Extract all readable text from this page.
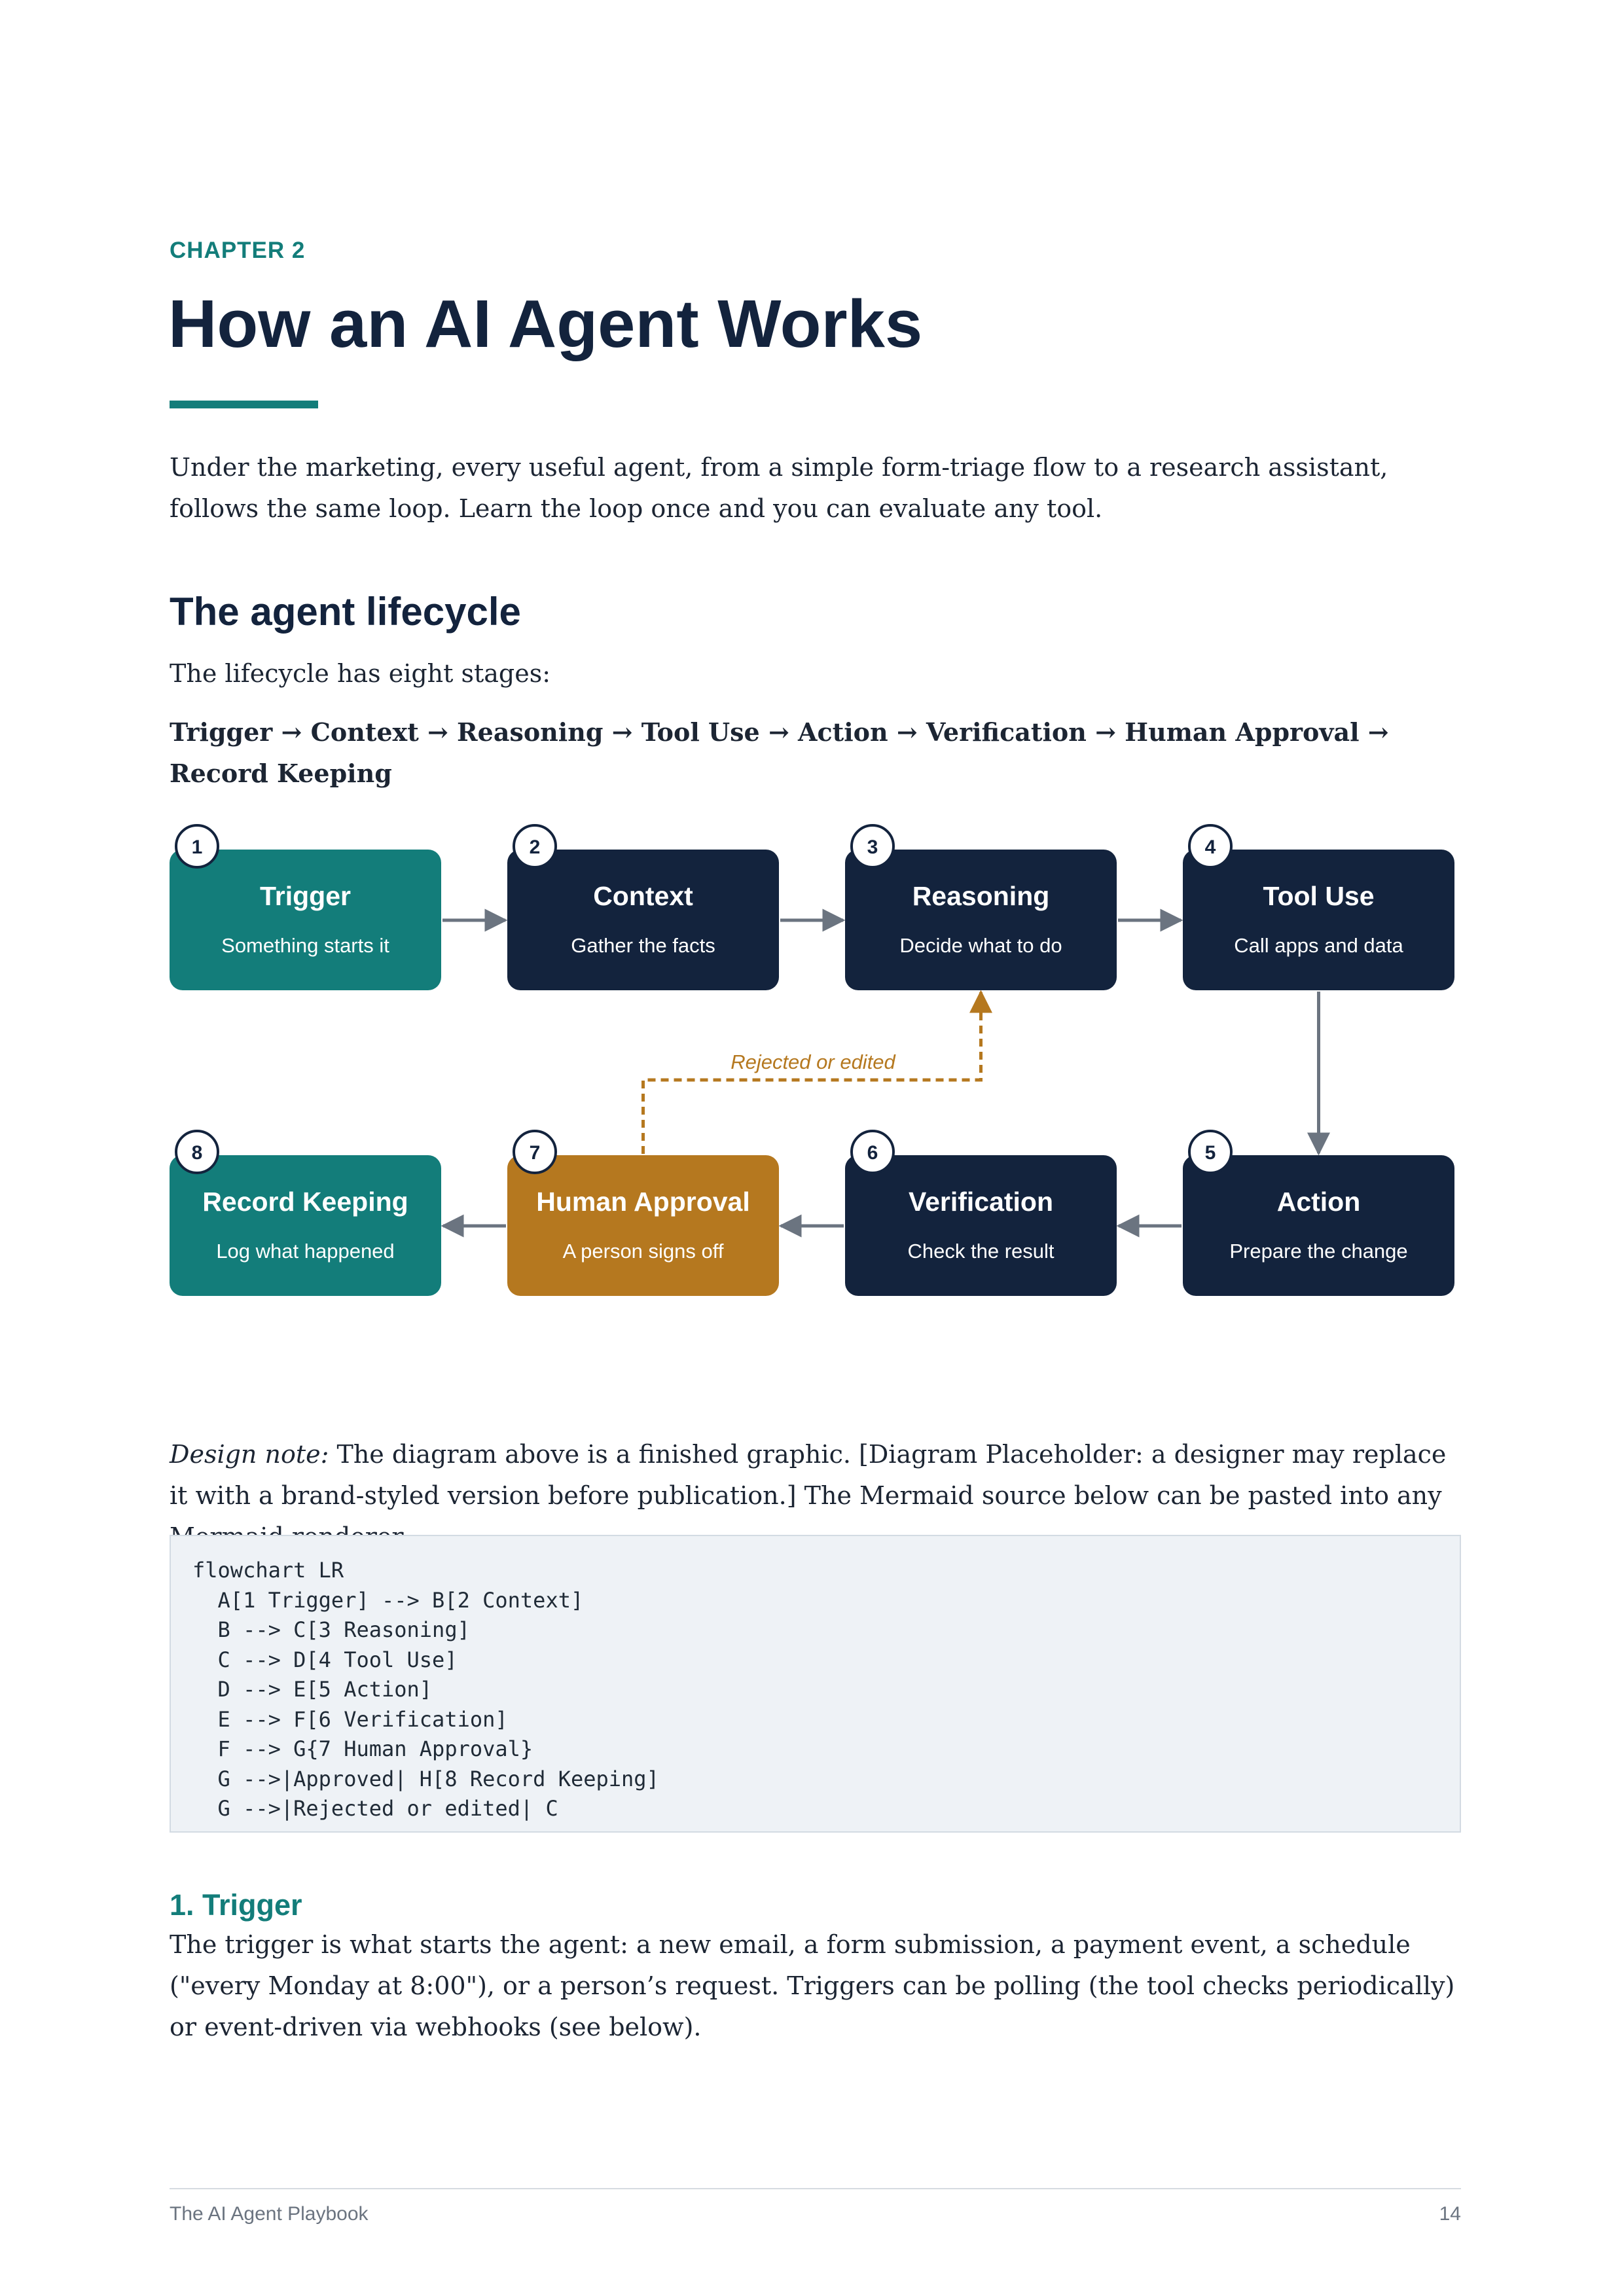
CHAPTER 2
How an AI Agent Works
Under the marketing, every useful agent, from a simple form-triage flow to a research assistant, follows the same loop. Learn the loop once and you can evaluate any tool.
The agent lifecycle
The lifecycle has eight stages:
Trigger → Context → Reasoning → Tool Use → Action → Verification → Human Approval → Record Keeping
Rejected or edited
Trigger
Something starts it
1
Context
Gather the facts
2
Reasoning
Decide what to do
3
Tool Use
Call apps and data
4
Action
Prepare the change
5
Verification
Check the result
6
Human Approval
A person signs off
7
Record Keeping
Log what happened
8
Design note: The diagram above is a finished graphic. [Diagram Placeholder: a designer may replace it with a brand-styled version before publication.] The Mermaid source below can be pasted into any
flowchart LR
A[1 Trigger] --> B[2 Context]
B --> C[3 Reasoning]
C --> D[4 Tool Use]
D --> E[5 Action]
E --> F[6 Verification]
F --> G{7 Human Approval}
G -->|Approved| H[8 Record Keeping]
G -->|Rejected or edited| C
1. Trigger
The trigger is what starts the agent: a new email, a form submission, a payment event, a schedule ("every Monday at 8:00"), or a person’s request. Triggers can be polling (the tool checks periodically) or event-driven via webhooks (see below).
The AI Agent Playbook	14
